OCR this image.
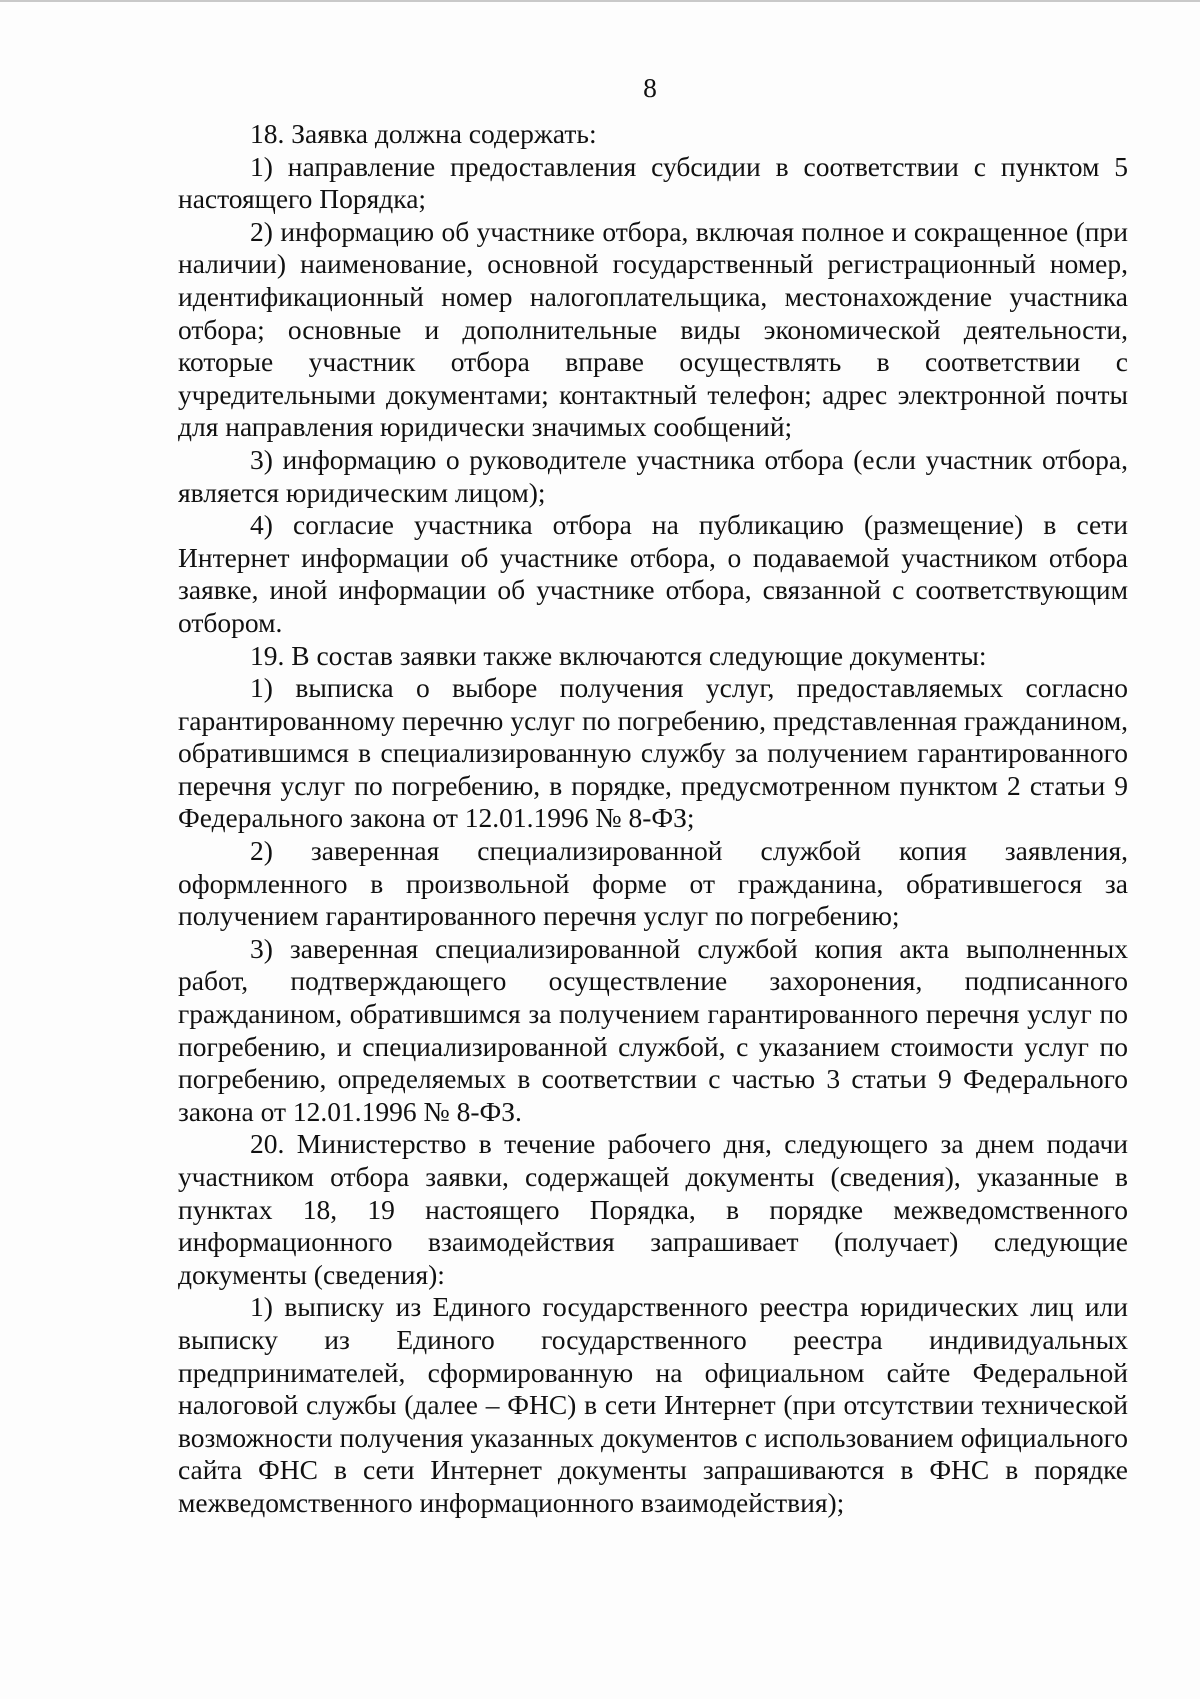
8

18. Заявка должна содержать:

1) направление предоставления субсидии в соответствии с пунктом 5 настоящего Порядка;

2) информацию об участнике отбора, включая полное и сокращенное (при наличии) наименование, основной государственный регистрационный номер, идентификационный номер налогоплательщика, местонахождение участника отбора; основные и дополнительные виды экономической деятельности, которые участник отбора вправе осуществлять в соответствии с учредительными документами; контактный телефон; адрес электронной почты для направления юридически значимых сообщений;

3) информацию о руководителе участника отбора (если участник отбора, является юридическим лицом);

4) согласие участника отбора на публикацию (размещение) в сети Интернет информации об участнике отбора, о подаваемой участником отбора заявке, иной информации об участнике отбора, связанной с соответствующим отбором.

19. В состав заявки также включаются следующие документы:

1) выписка о выборе получения услуг, предоставляемых согласно гарантированному перечню услуг по погребению, представленная гражданином, обратившимся в специализированную службу за получением гарантированного перечня услуг по погребению, в порядке, предусмотренном пунктом 2 статьи 9 Федерального закона от 12.01.1996 № 8-ФЗ;

2) заверенная специализированной службой копия заявления, оформленного в произвольной форме от гражданина, обратившегося за получением гарантированного перечня услуг по погребению;

3) заверенная специализированной службой копия акта выполненных работ, подтверждающего осуществление захоронения, подписанного гражданином, обратившимся за получением гарантированного перечня услуг по погребению, и специализированной службой, с указанием стоимости услуг по погребению, определяемых в соответствии с частью 3 статьи 9 Федерального закона от 12.01.1996 № 8-ФЗ.

20. Министерство в течение рабочего дня, следующего за днем подачи участником отбора заявки, содержащей документы (сведения), указанные в пунктах 18, 19 настоящего Порядка, в порядке межведомственного информационного взаимодействия запрашивает (получает) следующие документы (сведения):

1) выписку из Единого государственного реестра юридических лиц или выписку из Единого государственного реестра индивидуальных предпринимателей, сформированную на официальном сайте Федеральной налоговой службы (далее – ФНС) в сети Интернет (при отсутствии технической возможности получения указанных документов с использованием официального сайта ФНС в сети Интернет документы запрашиваются в ФНС в порядке межведомственного информационного взаимодействия);
